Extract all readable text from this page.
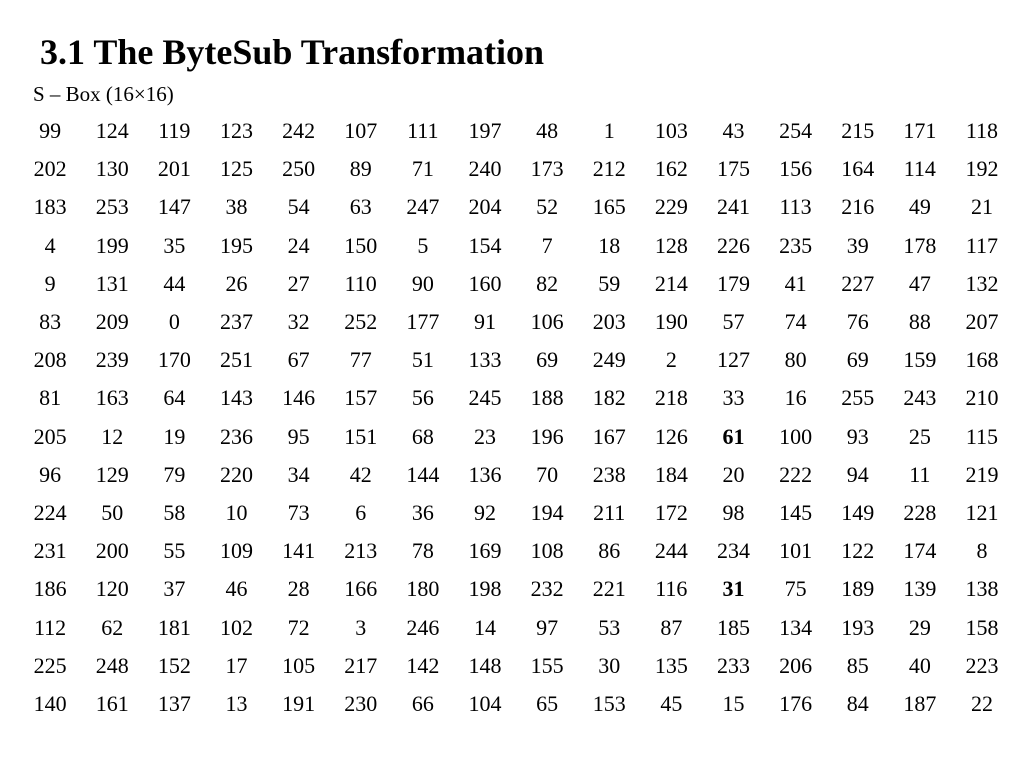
3.1 The ByteSub Transformation
S – Box (16×16)
99	124	119	123	242	107	111	197	48	1	103	43	254	215	171	118
202	130	201	125	250	89	71	240	173	212	162	175	156	164	114	192
183	253	147	38	54	63	247	204	52	165	229	241	113	216	49	21
4	199	35	195	24	150	5	154	7	18	128	226	235	39	178	117
9	131	44	26	27	110	90	160	82	59	214	179	41	227	47	132
83	209	0	237	32	252	177	91	106	203	190	57	74	76	88	207
208	239	170	251	67	77	51	133	69	249	2	127	80	69	159	168
81	163	64	143	146	157	56	245	188	182	218	33	16	255	243	210
205	12	19	236	95	151	68	23	196	167	126	61	100	93	25	115
96	129	79	220	34	42	144	136	70	238	184	20	222	94	11	219
224	50	58	10	73	6	36	92	194	211	172	98	145	149	228	121
231	200	55	109	141	213	78	169	108	86	244	234	101	122	174	8
186	120	37	46	28	166	180	198	232	221	116	31	75	189	139	138
112	62	181	102	72	3	246	14	97	53	87	185	134	193	29	158
225	248	152	17	105	217	142	148	155	30	135	233	206	85	40	223
140	161	137	13	191	230	66	104	65	153	45	15	176	84	187	22
